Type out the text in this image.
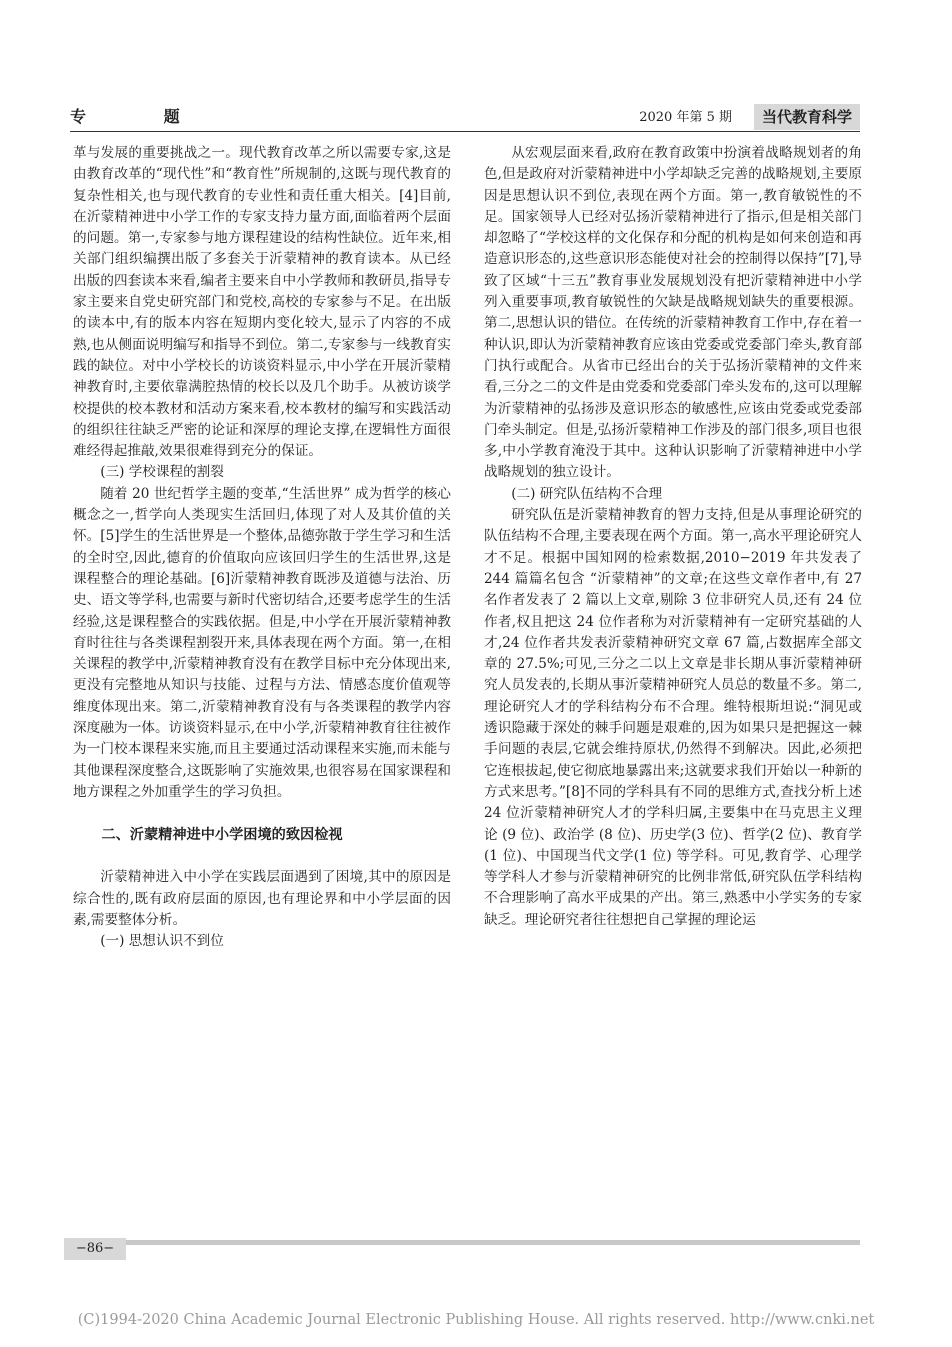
专 题	2020 年第 5 期	当代教育科学

革与发展的重要挑战之一。现代教育改革之所以需要专家,这是由教育改革的“现代性”和“教育性”所规制的,这既与现代教育的复杂性相关,也与现代教育的专业性和责任重大相关。[4]目前,在沂蒙精神进中小学工作的专家支持力量方面,面临着两个层面的问题。第一,专家参与地方课程建设的结构性缺位。近年来,相关部门组织编撰出版了多套关于沂蒙精神的教育读本。从已经出版的四套读本来看,编者主要来自中小学教师和教研员,指导专家主要来自党史研究部门和党校,高校的专家参与不足。在出版的读本中,有的版本内容在短期内变化较大,显示了内容的不成熟,也从侧面说明编写和指导不到位。第二,专家参与一线教育实践的缺位。对中小学校长的访谈资料显示,中小学在开展沂蒙精神教育时,主要依靠满腔热情的校长以及几个助手。从被访谈学校提供的校本教材和活动方案来看,校本教材的编写和实践活动的组织往往缺乏严密的论证和深厚的理论支撑,在逻辑性方面很难经得起推敲,效果很难得到充分的保证。

(三) 学校课程的割裂

随着 20 世纪哲学主题的变革,“生活世界” 成为哲学的核心概念之一,哲学向人类现实生活回归,体现了对人及其价值的关怀。[5]学生的生活世界是一个整体,品德弥散于学生学习和生活的全时空,因此,德育的价值取向应该回归学生的生活世界,这是课程整合的理论基础。[6]沂蒙精神教育既涉及道德与法治、历史、语文等学科,也需要与新时代密切结合,还要考虑学生的生活经验,这是课程整合的实践依据。但是,中小学在开展沂蒙精神教育时往往与各类课程割裂开来,具体表现在两个方面。第一,在相关课程的教学中,沂蒙精神教育没有在教学目标中充分体现出来,更没有完整地从知识与技能、过程与方法、情感态度价值观等维度体现出来。第二,沂蒙精神教育没有与各类课程的教学内容深度融为一体。访谈资料显示,在中小学,沂蒙精神教育往往被作为一门校本课程来实施,而且主要通过活动课程来实施,而未能与其他课程深度整合,这既影响了实施效果,也很容易在国家课程和地方课程之外加重学生的学习负担。

二、沂蒙精神进中小学困境的致因检视

沂蒙精神进入中小学在实践层面遇到了困境,其中的原因是综合性的,既有政府层面的原因,也有理论界和中小学层面的因素,需要整体分析。

(一) 思想认识不到位

从宏观层面来看,政府在教育政策中扮演着战略规划者的角色,但是政府对沂蒙精神进中小学却缺乏完善的战略规划,主要原因是思想认识不到位,表现在两个方面。第一,教育敏锐性的不足。国家领导人已经对弘扬沂蒙精神进行了指示,但是相关部门却忽略了“学校这样的文化保存和分配的机构是如何来创造和再造意识形态的,这些意识形态能使对社会的控制得以保持”[7],导致了区域“十三五”教育事业发展规划没有把沂蒙精神进中小学列入重要事项,教育敏锐性的欠缺是战略规划缺失的重要根源。第二,思想认识的错位。在传统的沂蒙精神教育工作中,存在着一种认识,即认为沂蒙精神教育应该由党委或党委部门牵头,教育部门执行或配合。从省市已经出台的关于弘扬沂蒙精神的文件来看,三分之二的文件是由党委和党委部门牵头发布的,这可以理解为沂蒙精神的弘扬涉及意识形态的敏感性,应该由党委或党委部门牵头制定。但是,弘扬沂蒙精神工作涉及的部门很多,项目也很多,中小学教育淹没于其中。这种认识影响了沂蒙精神进中小学战略规划的独立设计。

(二) 研究队伍结构不合理

研究队伍是沂蒙精神教育的智力支持,但是从事理论研究的队伍结构不合理,主要表现在两个方面。第一,高水平理论研究人才不足。根据中国知网的检索数据,2010−2019 年共发表了 244 篇篇名包含 “沂蒙精神”的文章;在这些文章作者中,有 27 名作者发表了 2 篇以上文章,剔除 3 位非研究人员,还有 24 位作者,权且把这 24 位作者称为对沂蒙精神有一定研究基础的人才,24 位作者共发表沂蒙精神研究文章 67 篇,占数据库全部文章的 27.5%;可见,三分之二以上文章是非长期从事沂蒙精神研究人员发表的,长期从事沂蒙精神研究人员总的数量不多。第二,理论研究人才的学科结构分布不合理。维特根斯坦说:“洞见或透识隐藏于深处的棘手问题是艰难的,因为如果只是把握这一棘手问题的表层,它就会维持原状,仍然得不到解决。因此,必须把它连根拔起,使它彻底地暴露出来;这就要求我们开始以一种新的方式来思考。”[8]不同的学科具有不同的思维方式,查找分析上述 24 位沂蒙精神研究人才的学科归属,主要集中在马克思主义理论 (9 位)、政治学 (8 位)、历史学(3 位)、哲学(2 位)、教育学(1 位)、中国现当代文学(1 位) 等学科。可见,教育学、心理学等学科人才参与沂蒙精神研究的比例非常低,研究队伍学科结构不合理影响了高水平成果的产出。第三,熟悉中小学实务的专家缺乏。理论研究者往往想把自己掌握的理论运

−86−
(C)1994-2020 China Academic Journal Electronic Publishing House. All rights reserved. http://www.cnki.net
